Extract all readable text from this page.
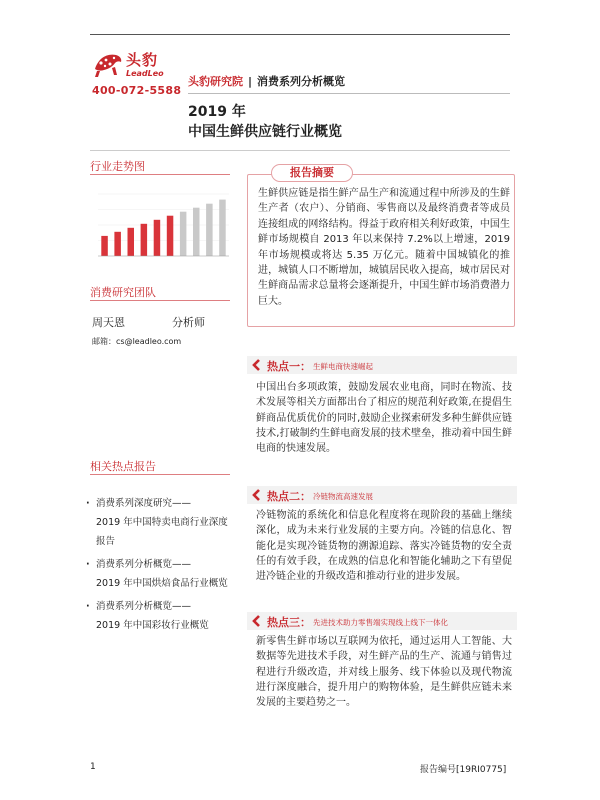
头豹
LeadLeo
400-072-5588
头豹研究院 | 消费系列分析概览
2019 年
中国生鲜供应链行业概览
行业走势图
消费研究团队
周天恩	分析师
邮箱：cs@leadleo.com
相关热点报告
· 消费系列深度研究——
2019 年中国特卖电商行业深度报告
· 消费系列分析概览——
2019 年中国烘焙食品行业概览
· 消费系列分析概览——
2019 年中国彩妆行业概览
报告摘要
生鲜供应链是指生鲜产品生产和流通过程中所涉及的生鲜生产者（农户）、分销商、零售商以及最终消费者等成员连接组成的网络结构。得益于政府相关利好政策，中国生鲜市场规模自 2013 年以来保持 7.2%以上增速，2019 年市场规模或将达 5.35 万亿元。随着中国城镇化的推进，城镇人口不断增加，城镇居民收入提高，城市居民对生鲜商品需求总量将会逐渐提升，中国生鲜市场消费潜力巨大。
热点一： 生鲜电商快速崛起
中国出台多项政策，鼓励发展农业电商，同时在物流、技术发展等相关方面都出台了相应的规范利好政策,在提倡生鲜商品优质优价的同时,鼓励企业探索研发多种生鲜供应链技术,打破制约生鲜电商发展的技术壁垒，推动着中国生鲜电商的快速发展。
热点二： 冷链物流高速发展
冷链物流的系统化和信息化程度将在现阶段的基础上继续深化，成为未来行业发展的主要方向。冷链的信息化、智能化是实现冷链货物的溯源追踪、落实冷链货物的安全责任的有效手段，在成熟的信息化和智能化辅助之下有望促进冷链企业的升级改造和推动行业的进步发展。
热点三： 先进技术助力零售端实现线上线下一体化
新零售生鲜市场以互联网为依托，通过运用人工智能、大数据等先进技术手段，对生鲜产品的生产、流通与销售过程进行升级改造，并对线上服务、线下体验以及现代物流进行深度融合，提升用户的购物体验，是生鲜供应链未来发展的主要趋势之一。
1	报告编号[19RI0775]
